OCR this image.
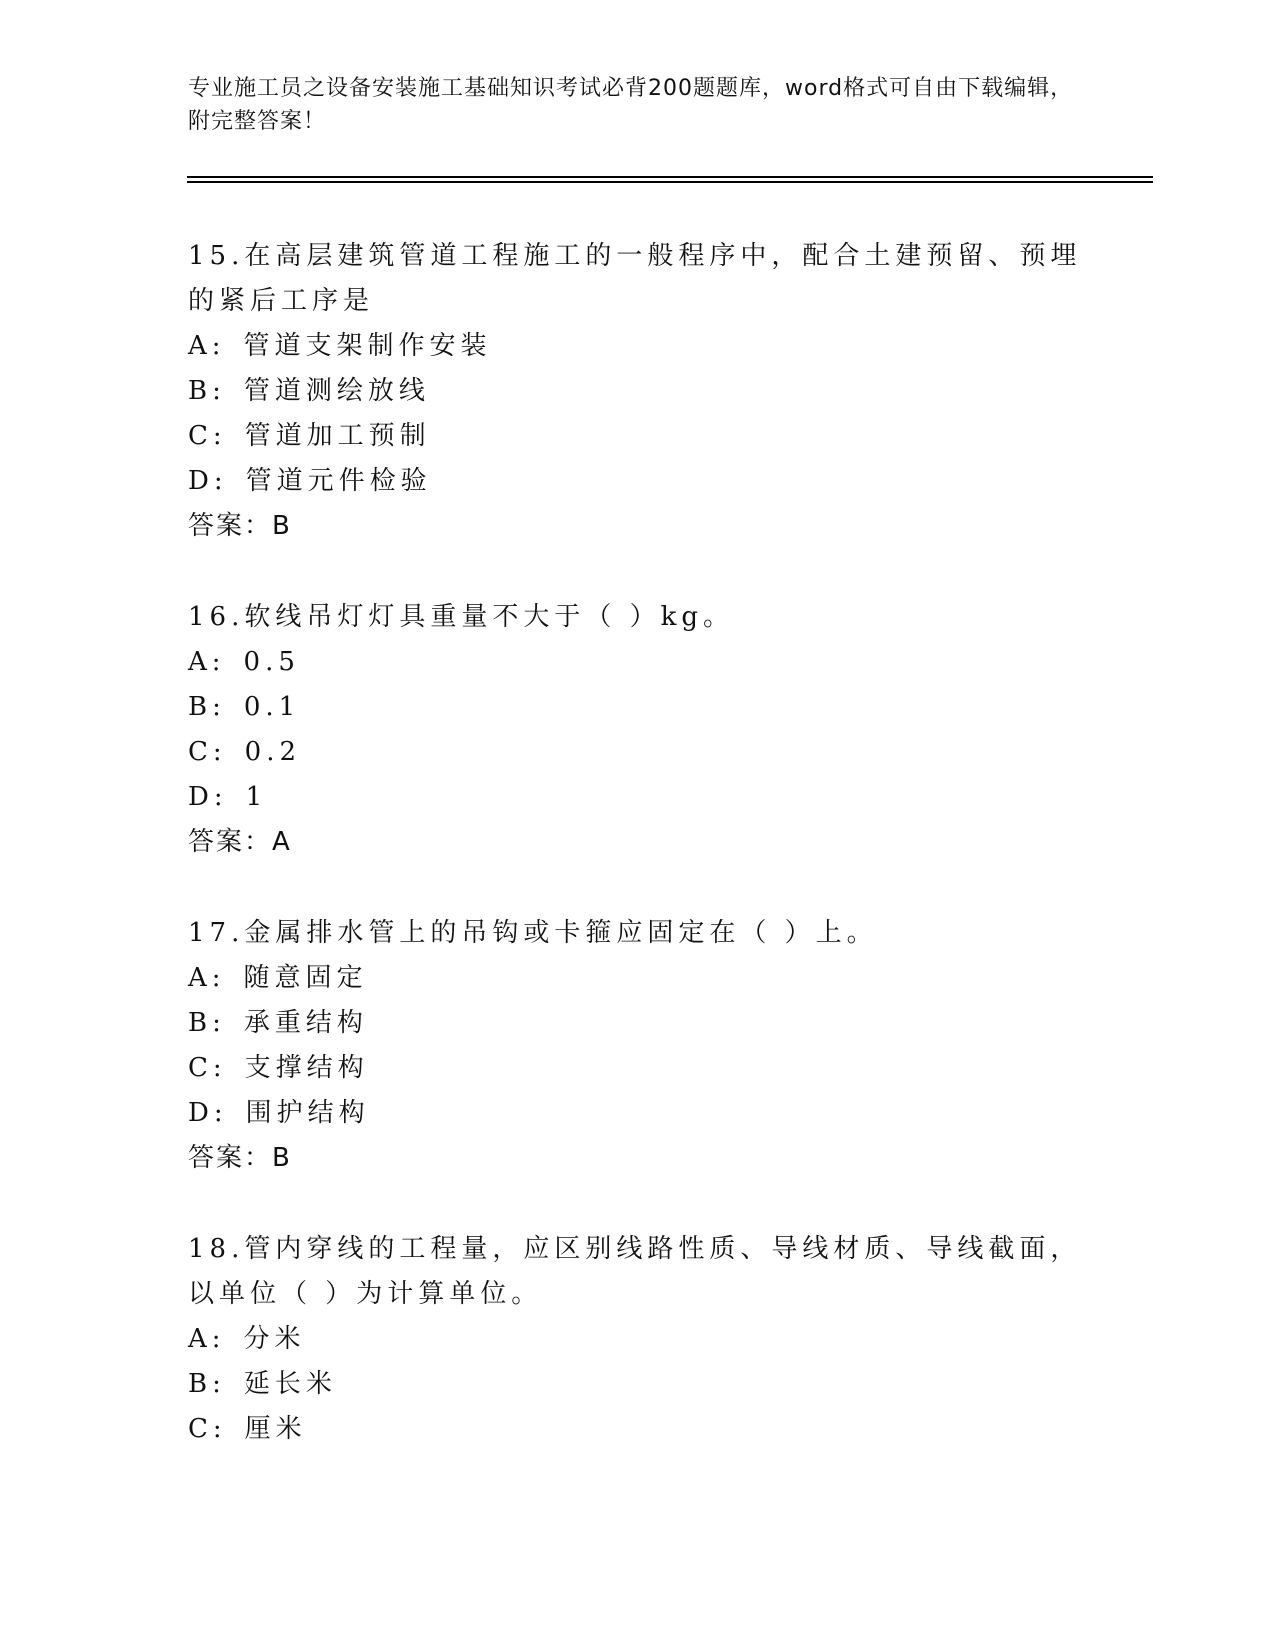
专业施工员之设备安装施工基础知识考试必背200题题库，word格式可自由下载编辑，附完整答案！
15.在高层建筑管道工程施工的一般程序中，配合土建预留、预埋的紧后工序是
A: 管道支架制作安装
B: 管道测绘放线
C: 管道加工预制
D: 管道元件检验
答案：B
16.软线吊灯灯具重量不大于（ ）kg。
A: 0.5
B: 0.1
C: 0.2
D: 1
答案：A
17.金属排水管上的吊钩或卡箍应固定在（ ）上。
A: 随意固定
B: 承重结构
C: 支撑结构
D: 围护结构
答案：B
18.管内穿线的工程量，应区别线路性质、导线材质、导线截面，以单位（ ）为计算单位。
A: 分米
B: 延长米
C: 厘米
